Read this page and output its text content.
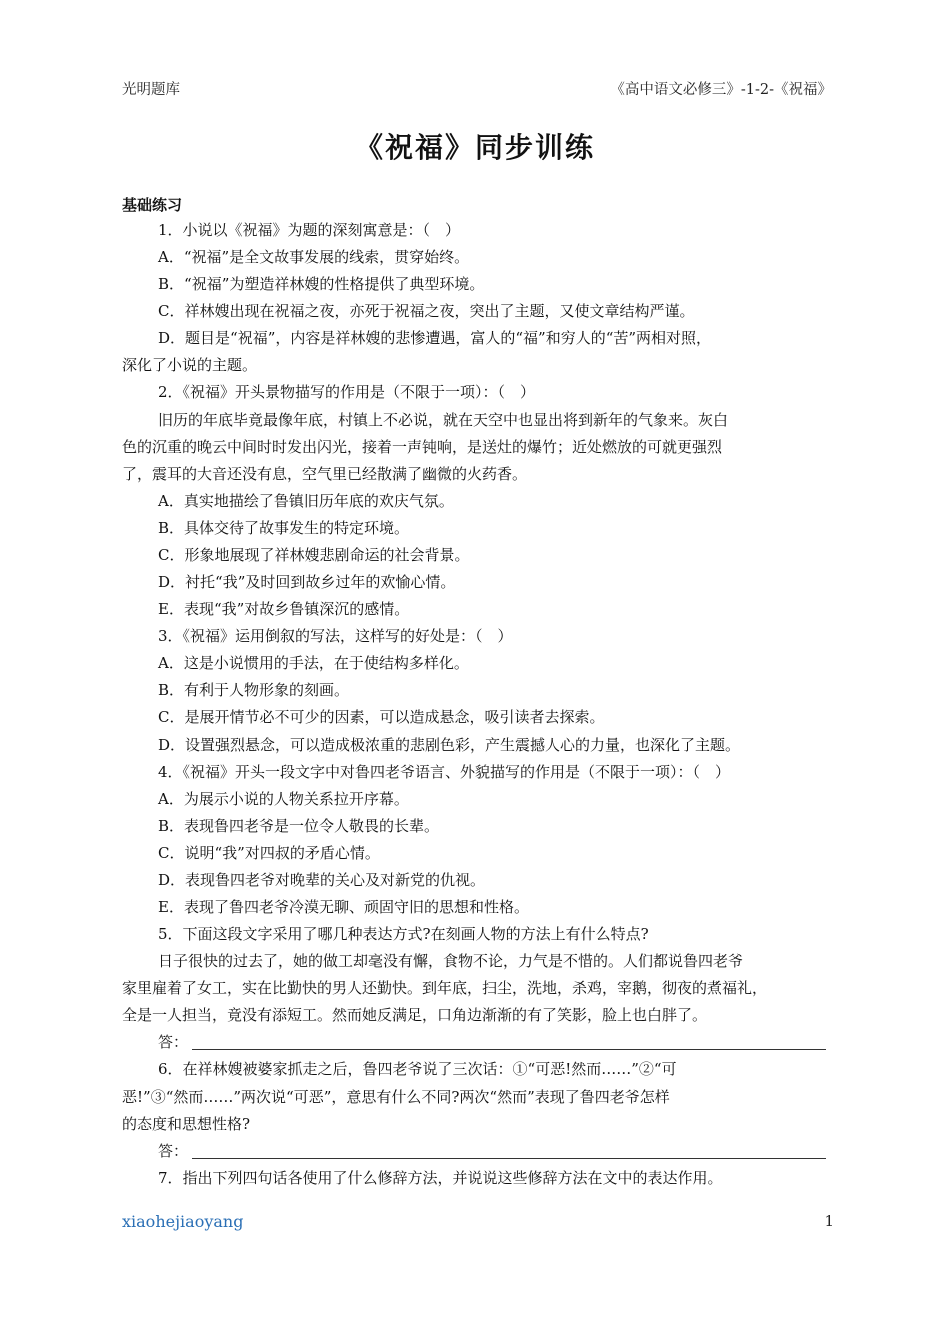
光明题库	《高中语文必修三》-1-2-《祝福》
《祝福》同步训练
基础练习
1．小说以《祝福》为题的深刻寓意是：（　）
A．“祝福”是全文故事发展的线索，贯穿始终。
B．“祝福”为塑造祥林嫂的性格提供了典型环境。
C．祥林嫂出现在祝福之夜，亦死于祝福之夜，突出了主题，又使文章结构严谨。
D．题目是“祝福”，内容是祥林嫂的悲惨遭遇，富人的“福”和穷人的“苦”两相对照，
深化了小说的主题。
2．《祝福》开头景物描写的作用是（不限于一项）：（　）
旧历的年底毕竟最像年底，村镇上不必说，就在天空中也显出将到新年的气象来。灰白
色的沉重的晚云中间时时发出闪光，接着一声钝响，是送灶的爆竹；近处燃放的可就更强烈
了，震耳的大音还没有息，空气里已经散满了幽微的火药香。
A．真实地描绘了鲁镇旧历年底的欢庆气氛。
B．具体交待了故事发生的特定环境。
C．形象地展现了祥林嫂悲剧命运的社会背景。
D．衬托“我”及时回到故乡过年的欢愉心情。
E．表现“我”对故乡鲁镇深沉的感情。
3．《祝福》运用倒叙的写法，这样写的好处是：（　）
A．这是小说惯用的手法，在于使结构多样化。
B．有利于人物形象的刻画。
C．是展开情节必不可少的因素，可以造成悬念，吸引读者去探索。
D．设置强烈悬念，可以造成极浓重的悲剧色彩，产生震撼人心的力量，也深化了主题。
4．《祝福》开头一段文字中对鲁四老爷语言、外貌描写的作用是（不限于一项）：（　）
A．为展示小说的人物关系拉开序幕。
B．表现鲁四老爷是一位令人敬畏的长辈。
C．说明“我”对四叔的矛盾心情。
D．表现鲁四老爷对晚辈的关心及对新党的仇视。
E．表现了鲁四老爷冷漠无聊、顽固守旧的思想和性格。
5．下面这段文字采用了哪几种表达方式?在刻画人物的方法上有什么特点?
日子很快的过去了，她的做工却毫没有懈，食物不论，力气是不惜的。人们都说鲁四老爷
家里雇着了女工，实在比勤快的男人还勤快。到年底，扫尘，洗地，杀鸡，宰鹅，彻夜的煮福礼，
全是一人担当，竟没有添短工。然而她反满足，口角边渐渐的有了笑影，脸上也白胖了。
答：
6．在祥林嫂被婆家抓走之后，鲁四老爷说了三次话：①“可恶!然而……”②“可
恶!”③“然而……”两次说“可恶”，意思有什么不同?两次“然而”表现了鲁四老爷怎样
的态度和思想性格?
答：
7．指出下列四句话各使用了什么修辞方法，并说说这些修辞方法在文中的表达作用。
xiaohejiaoyang	1
